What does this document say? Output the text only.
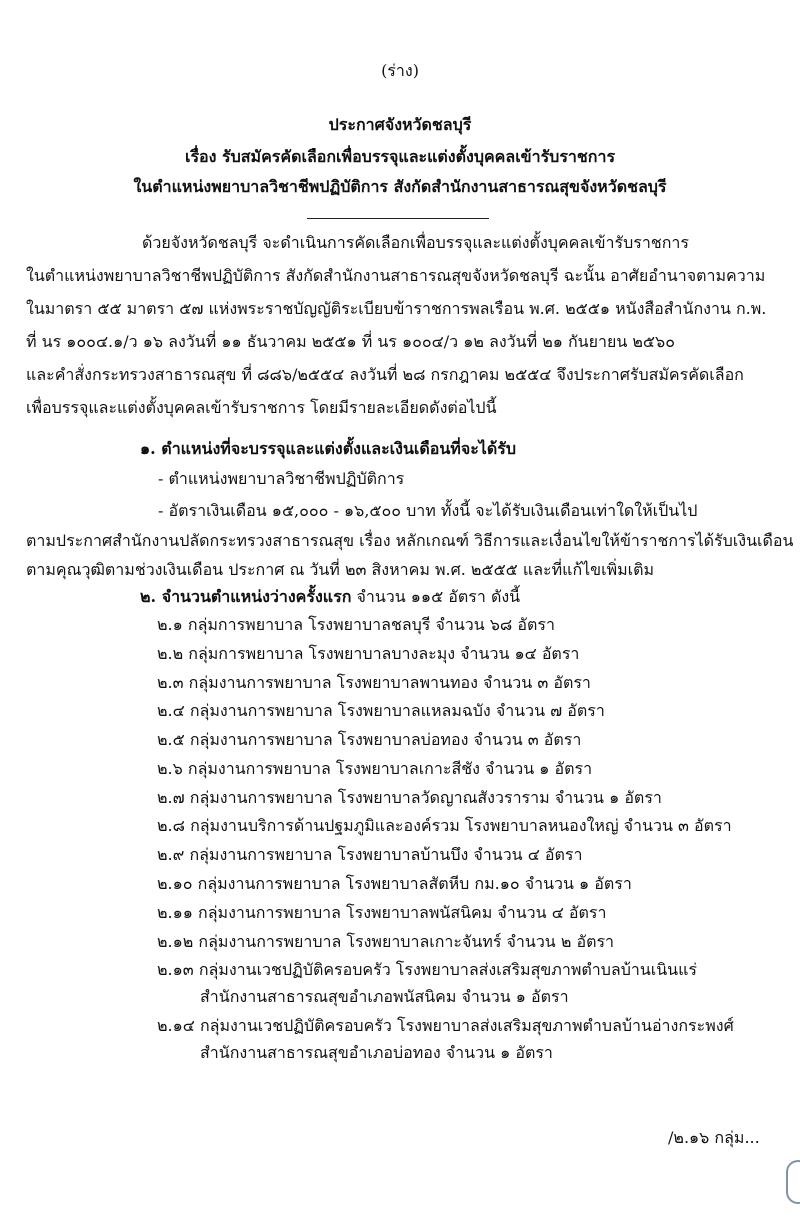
(ร่าง)
ประกาศจังหวัดชลบุรี
เรื่อง รับสมัครคัดเลือกเพื่อบรรจุและแต่งตั้งบุคคลเข้ารับราชการ
ในตำแหน่งพยาบาลวิชาชีพปฏิบัติการ สังกัดสำนักงานสาธารณสุขจังหวัดชลบุรี
ด้วยจังหวัดชลบุรี จะดำเนินการคัดเลือกเพื่อบรรจุและแต่งตั้งบุคคลเข้ารับราชการ
ในตำแหน่งพยาบาลวิชาชีพปฏิบัติการ สังกัดสำนักงานสาธารณสุขจังหวัดชลบุรี ฉะนั้น อาศัยอำนาจตามความ
ในมาตรา ๕๕ มาตรา ๕๗ แห่งพระราชบัญญัติระเบียบข้าราชการพลเรือน พ.ศ. ๒๕๕๑ หนังสือสำนักงาน ก.พ.
ที่ นร ๑๐๐๔.๑/ว ๑๖ ลงวันที่ ๑๑ ธันวาคม ๒๕๕๑ ที่ นร ๑๐๐๔/ว ๑๒ ลงวันที่ ๒๑ กันยายน ๒๕๖๐
และคำสั่งกระทรวงสาธารณสุข ที่ ๘๘๖/๒๕๕๔ ลงวันที่ ๒๘ กรกฎาคม ๒๕๕๔ จึงประกาศรับสมัครคัดเลือก
เพื่อบรรจุและแต่งตั้งบุคคลเข้ารับราชการ โดยมีรายละเอียดดังต่อไปนี้
๑. ตำแหน่งที่จะบรรจุและแต่งตั้งและเงินเดือนที่จะได้รับ
- ตำแหน่งพยาบาลวิชาชีพปฏิบัติการ
- อัตราเงินเดือน ๑๕,๐๐๐ - ๑๖,๕๐๐ บาท ทั้งนี้ จะได้รับเงินเดือนเท่าใดให้เป็นไป
ตามประกาศสำนักงานปลัดกระทรวงสาธารณสุข เรื่อง หลักเกณฑ์ วิธีการและเงื่อนไขให้ข้าราชการได้รับเงินเดือน
ตามคุณวุฒิตามช่วงเงินเดือน ประกาศ ณ วันที่ ๒๓ สิงหาคม พ.ศ. ๒๕๕๕ และที่แก้ไขเพิ่มเติม
๒. จำนวนตำแหน่งว่างครั้งแรก จำนวน ๑๑๕ อัตรา ดังนี้
๒.๑ กลุ่มการพยาบาล โรงพยาบาลชลบุรี จำนวน ๖๘ อัตรา
๒.๒ กลุ่มการพยาบาล โรงพยาบาลบางละมุง จำนวน ๑๔ อัตรา
๒.๓ กลุ่มงานการพยาบาล โรงพยาบาลพานทอง จำนวน ๓ อัตรา
๒.๔ กลุ่มงานการพยาบาล โรงพยาบาลแหลมฉบัง จำนวน ๗ อัตรา
๒.๕ กลุ่มงานการพยาบาล โรงพยาบาลบ่อทอง จำนวน ๓ อัตรา
๒.๖ กลุ่มงานการพยาบาล โรงพยาบาลเกาะสีชัง จำนวน ๑ อัตรา
๒.๗ กลุ่มงานการพยาบาล โรงพยาบาลวัดญาณสังวราราม จำนวน ๑ อัตรา
๒.๘ กลุ่มงานบริการด้านปฐมภูมิและองค์รวม โรงพยาบาลหนองใหญ่ จำนวน ๓ อัตรา
๒.๙ กลุ่มงานการพยาบาล โรงพยาบาลบ้านบึง จำนวน ๔ อัตรา
๒.๑๐ กลุ่มงานการพยาบาล โรงพยาบาลสัตหีบ กม.๑๐ จำนวน ๑ อัตรา
๒.๑๑ กลุ่มงานการพยาบาล โรงพยาบาลพนัสนิคม จำนวน ๔ อัตรา
๒.๑๒ กลุ่มงานการพยาบาล โรงพยาบาลเกาะจันทร์ จำนวน ๒ อัตรา
๒.๑๓ กลุ่มงานเวชปฏิบัติครอบครัว โรงพยาบาลส่งเสริมสุขภาพตำบลบ้านเนินแร่
สำนักงานสาธารณสุขอำเภอพนัสนิคม จำนวน ๑ อัตรา
๒.๑๔ กลุ่มงานเวชปฏิบัติครอบครัว โรงพยาบาลส่งเสริมสุขภาพตำบลบ้านอ่างกระพงศ์
สำนักงานสาธารณสุขอำเภอบ่อทอง จำนวน ๑ อัตรา
/๒.๑๖ กลุ่ม...
